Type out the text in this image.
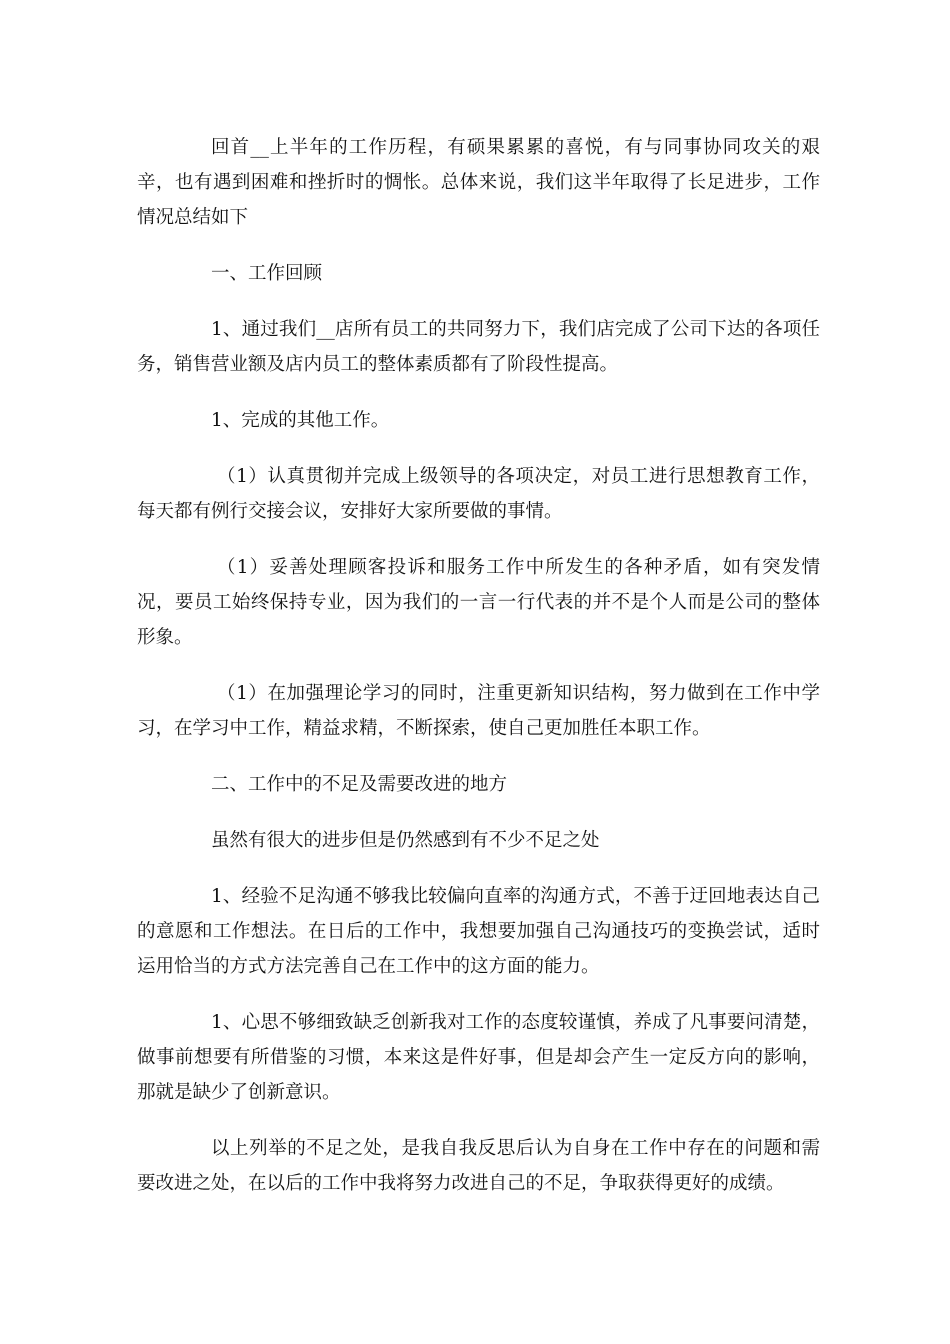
回首__上半年的工作历程，有硕果累累的喜悦，有与同事协同攻关的艰辛，也有遇到困难和挫折时的惆怅。总体来说，我们这半年取得了长足进步，工作情况总结如下

一、工作回顾

1、通过我们__店所有员工的共同努力下，我们店完成了公司下达的各项任务，销售营业额及店内员工的整体素质都有了阶段性提高。

1、完成的其他工作。

（1）认真贯彻并完成上级领导的各项决定，对员工进行思想教育工作，每天都有例行交接会议，安排好大家所要做的事情。

（1）妥善处理顾客投诉和服务工作中所发生的各种矛盾，如有突发情况，要员工始终保持专业，因为我们的一言一行代表的并不是个人而是公司的整体形象。

（1）在加强理论学习的同时，注重更新知识结构，努力做到在工作中学习，在学习中工作，精益求精，不断探索，使自己更加胜任本职工作。

二、工作中的不足及需要改进的地方

虽然有很大的进步但是仍然感到有不少不足之处

1、经验不足沟通不够我比较偏向直率的沟通方式，不善于迂回地表达自己的意愿和工作想法。在日后的工作中，我想要加强自己沟通技巧的变换尝试，适时运用恰当的方式方法完善自己在工作中的这方面的能力。

1、心思不够细致缺乏创新我对工作的态度较谨慎，养成了凡事要问清楚，做事前想要有所借鉴的习惯，本来这是件好事，但是却会产生一定反方向的影响，那就是缺少了创新意识。

以上列举的不足之处，是我自我反思后认为自身在工作中存在的问题和需要改进之处，在以后的工作中我将努力改进自己的不足，争取获得更好的成绩。
